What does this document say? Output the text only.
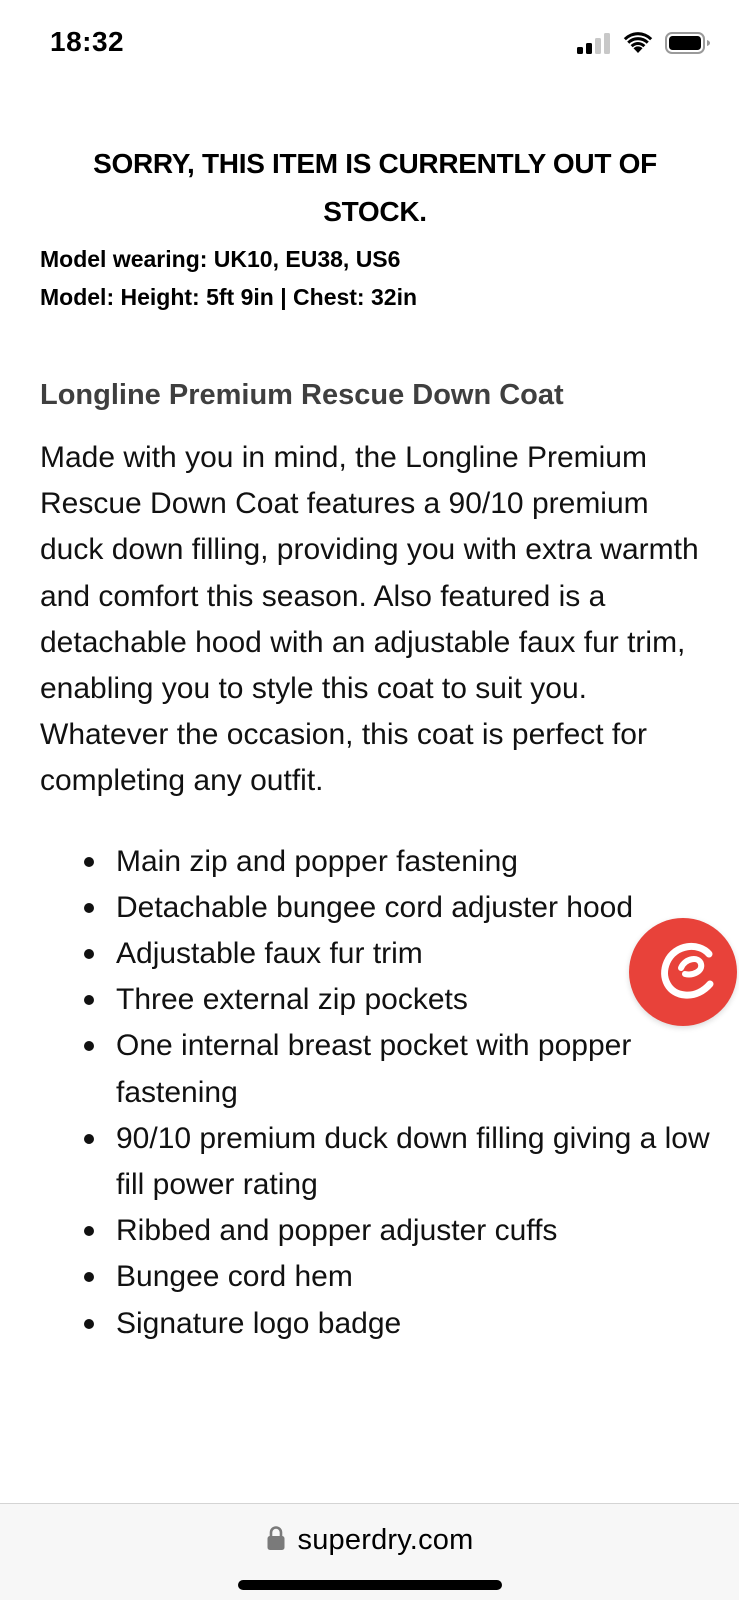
18:32
SORRY, THIS ITEM IS CURRENTLY OUT OF
STOCK.
Model wearing: UK10, EU38, US6
Model: Height: 5ft 9in | Chest: 32in
Longline Premium Rescue Down Coat

Made with you in mind, the Longline Premium Rescue Down Coat features a 90/10 premium duck down filling, providing you with extra warmth and comfort this season. Also featured is a detachable hood with an adjustable faux fur trim, enabling you to style this coat to suit you. Whatever the occasion, this coat is perfect for completing any outfit.

Main zip and popper fastening
Detachable bungee cord adjuster hood
Adjustable faux fur trim
Three external zip pockets
One internal breast pocket with popper fastening
90/10 premium duck down filling giving a low fill power rating
Ribbed and popper adjuster cuffs
Bungee cord hem
Signature logo badge
superdry.com
